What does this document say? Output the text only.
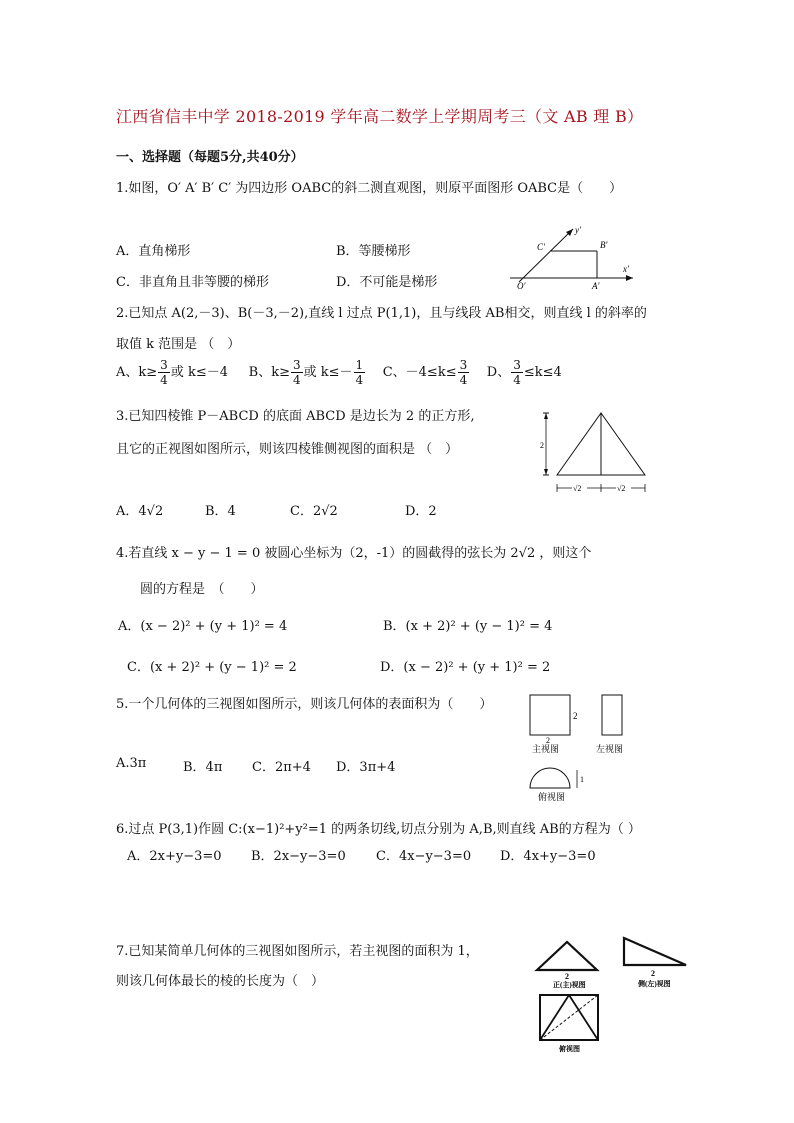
江西省信丰中学 2018-2019 学年高二数学上学期周考三（文 AB 理 B）
一、选择题（每题5分,共40分）
1.如图，O′ A′ B′ C′ 为四边形 OABC的斜二测直观图，则原平面图形 OABC是（　　）
A．直角梯形	B．等腰梯形
C．非直角且非等腰的梯形	D．不可能是梯形
y′
x′
C′	B′
O′	A′
2.已知点 A(2,－3)、B(－3,－2),直线 l 过点 P(1,1)，且与线段 AB相交，则直线 l 的斜率的
取值 k 范围是 （　）
A、$k\ge \frac{3}{4}$ 或 k≤－4 B、$k\ge \frac{3}{4}$ 或 $k\le- \frac{1}{4}$ C、$-4\le k\le \frac{3}{4}$ D、 $\frac{3}{4} \le k\le 4$
3.已知四棱锥 P－ABCD 的底面 ABCD 是边长为 2 的正方形,
且它的正视图如图所示，则该四棱锥侧视图的面积是 （　）
A．4√2	B．4	C．2√2	D．2
2
√2	√2
4.若直线 x − y − 1 = 0 被圆心坐标为（2，-1）的圆截得的弦长为 2√2 ，则这个
圆的方程是　（　　）
A．(x − 2)² + (y + 1)² = 4	B．(x + 2)² + (y − 1)² = 4
C．(x + 2)² + (y − 1)² = 2	D．(x − 2)² + (y + 1)² = 2
5.一个几何体的三视图如图所示，则该几何体的表面积为（　　）
A.3π	B．4π C．2π+4 D．3π+4
2
2
主视图	左视图
1
俯视图
6.过点 P(3,1)作圆 C:(x−1)²+y²=1 的两条切线,切点分别为 A,B,则直线 AB的方程为（ ）
A．2x+y−3=0 B．2x−y−3=0 C．4x−y−3=0 D．4x+y−3=0
7.已知某简单几何体的三视图如图所示，若主视图的面积为 1，
则该几何体最长的棱的长度为（　）	2
正(主)视图
2
侧(左)视图
俯视图
